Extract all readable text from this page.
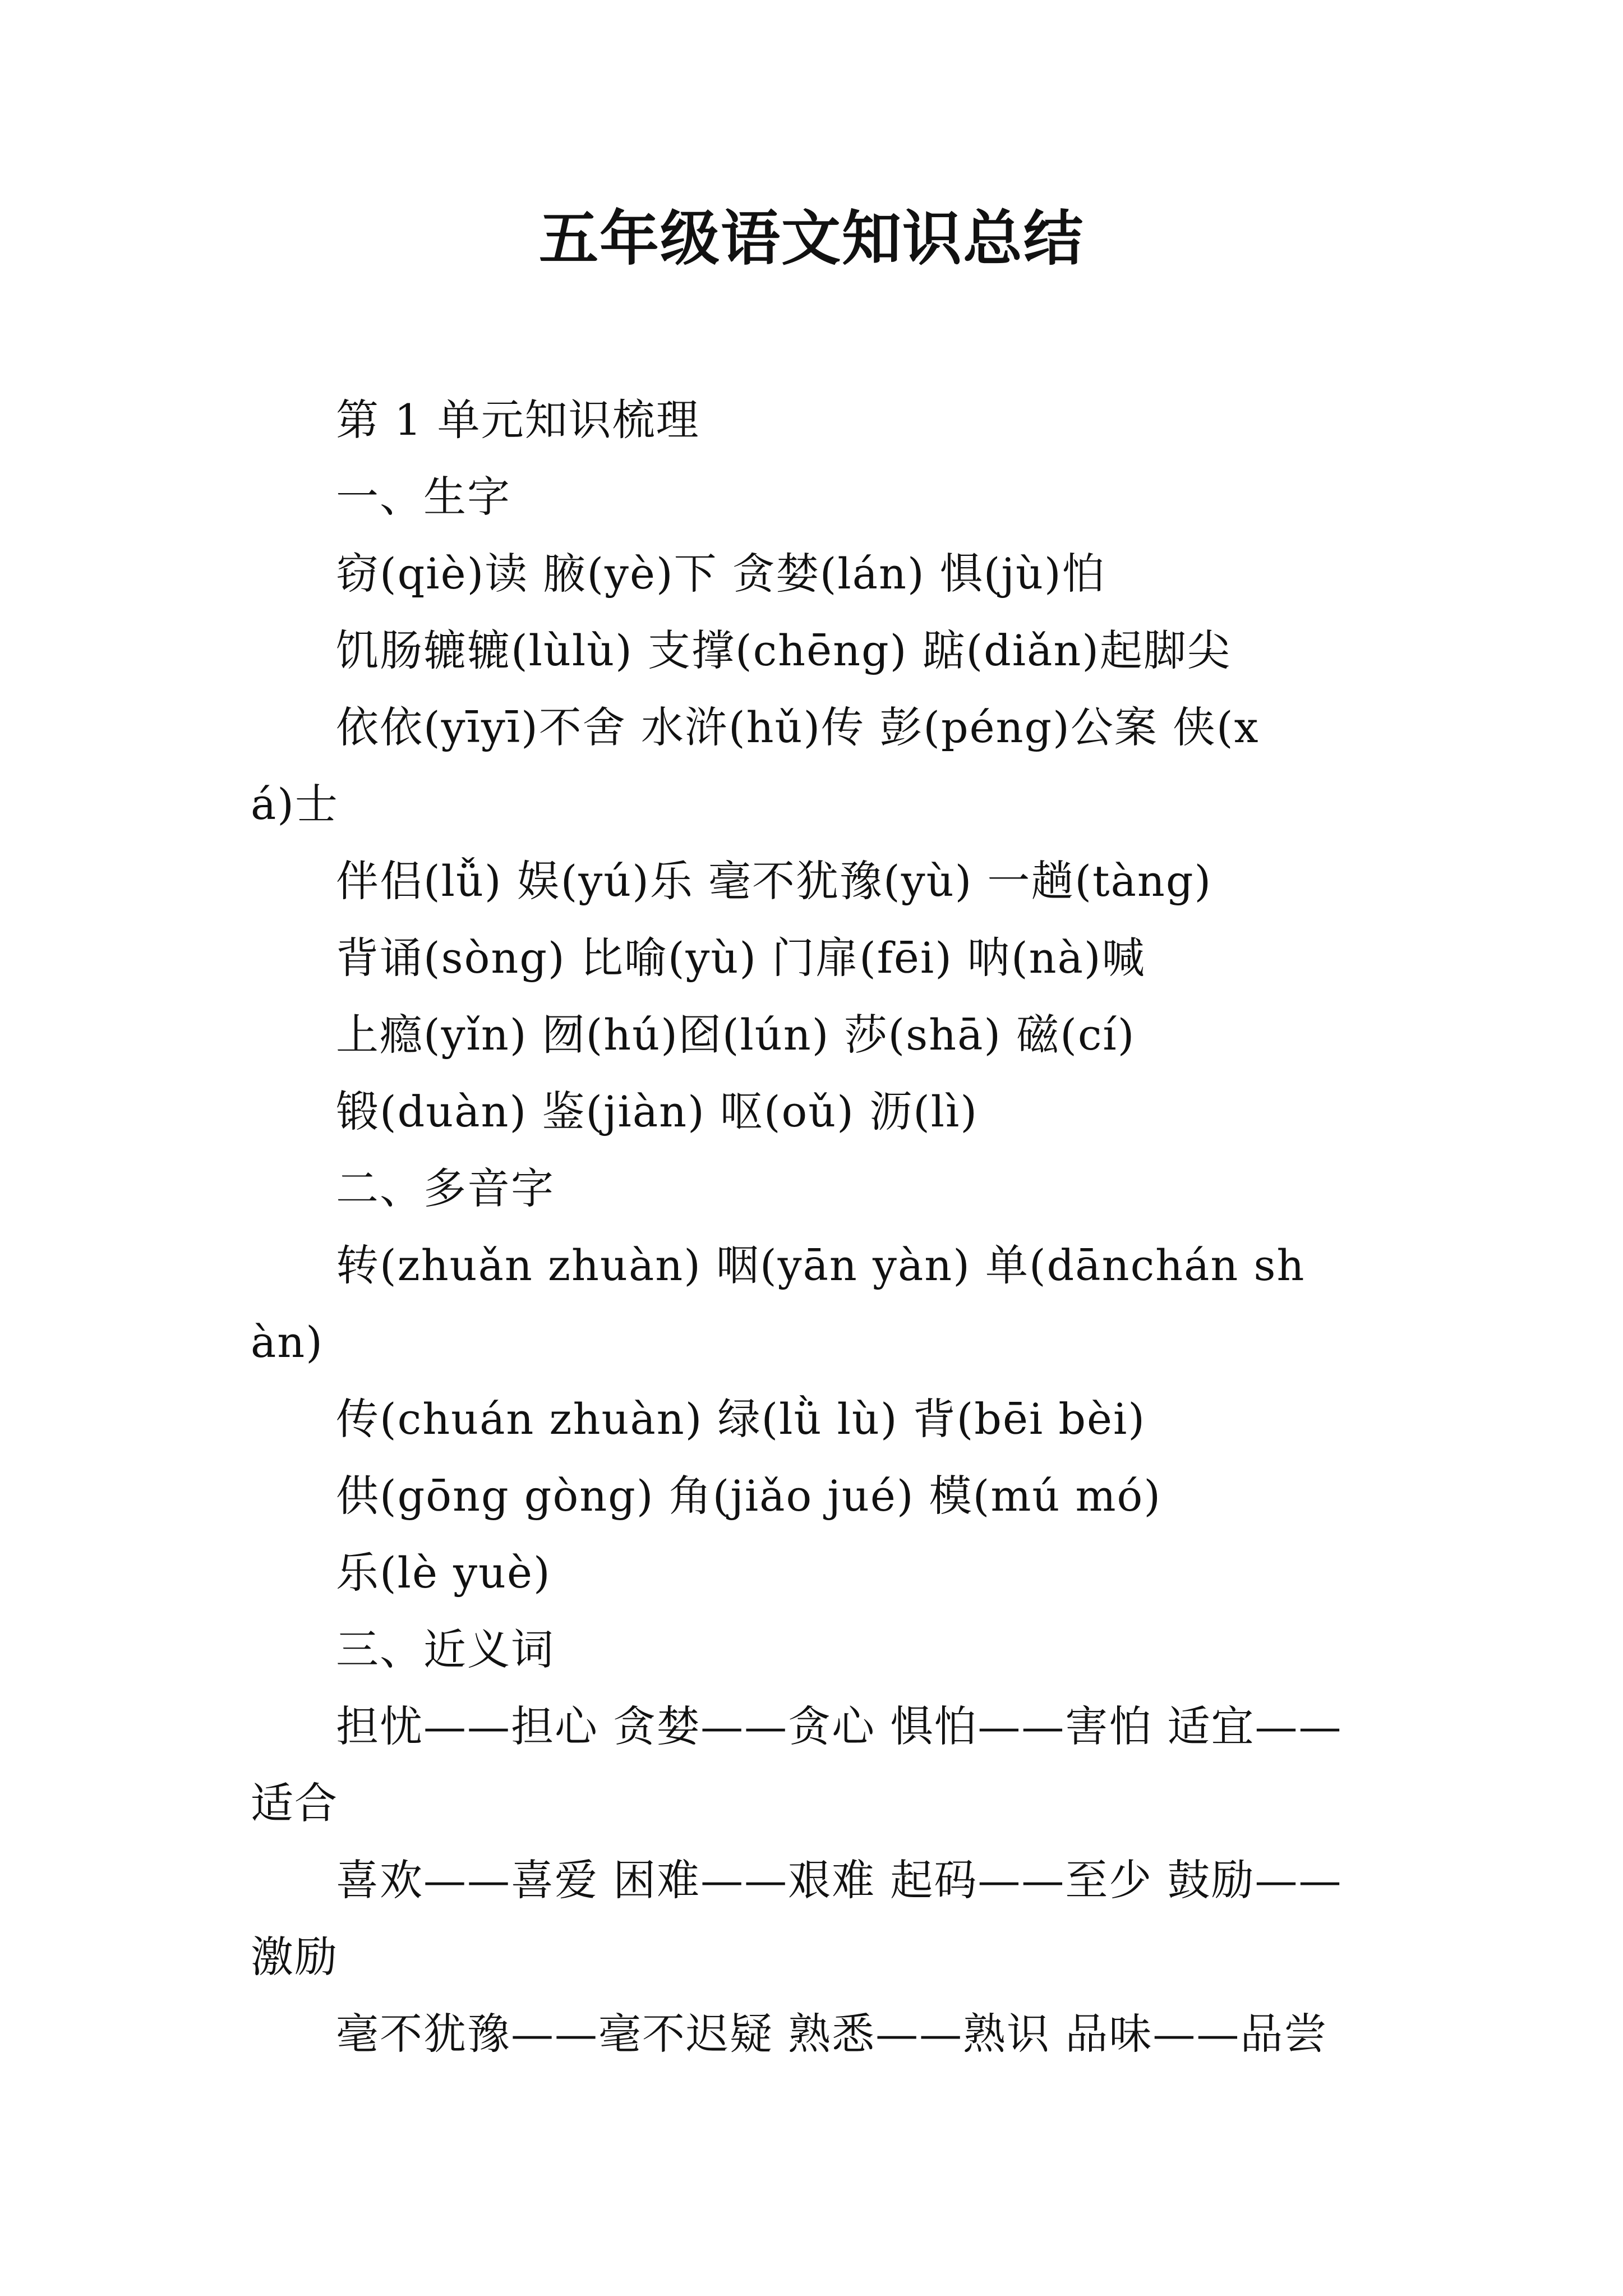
五年级语文知识总结
第 1 单元知识梳理
一、生字
窃(qiè)读 腋(yè)下 贪婪(lán) 惧(jù)怕
饥肠辘辘(lùlù) 支撑(chēng) 踮(diǎn)起脚尖
依依(yīyī)不舍 水浒(hǔ)传 彭(péng)公案 侠(x
á)士
伴侣(lǚ) 娱(yú)乐 毫不犹豫(yù) 一趟(tàng)
背诵(sòng) 比喻(yù) 门扉(fēi) 呐(nà)喊
上瘾(yǐn) 囫(hú)囵(lún) 莎(shā) 磁(cí)
锻(duàn) 鉴(jiàn) 呕(oǔ) 沥(lì)
二、多音字
转(zhuǎn zhuàn) 咽(yān yàn) 单(dānchán sh
àn)
传(chuán zhuàn) 绿(lǜ lù) 背(bēi bèi)
供(gōng gòng) 角(jiǎo jué) 模(mú mó)
乐(lè yuè)
三、近义词
担忧——担心 贪婪——贪心 惧怕——害怕 适宜——
适合
喜欢——喜爱 困难——艰难 起码——至少 鼓励——
激励
毫不犹豫——毫不迟疑 熟悉——熟识 品味——品尝
